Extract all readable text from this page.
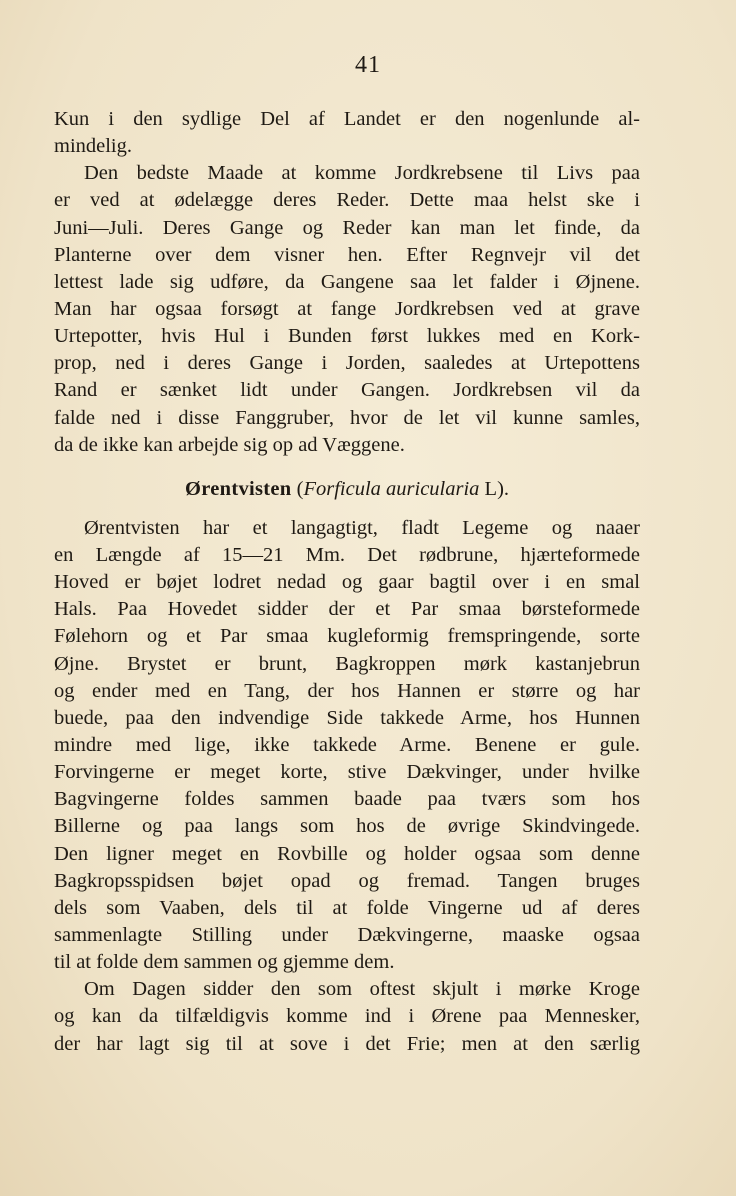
41
Kun i den sydlige Del af Landet er den nogenlunde al-
mindelig.
Den bedste Maade at komme Jordkrebsene til Livs paa
er ved at ødelægge deres Reder. Dette maa helst ske i
Juni—Juli. Deres Gange og Reder kan man let finde, da
Planterne over dem visner hen. Efter Regnvejr vil det
lettest lade sig udføre, da Gangene saa let falder i Øjnene.
Man har ogsaa forsøgt at fange Jordkrebsen ved at grave
Urtepotter, hvis Hul i Bunden først lukkes med en Kork-
prop, ned i deres Gange i Jorden, saaledes at Urtepottens
Rand er sænket lidt under Gangen. Jordkrebsen vil da
falde ned i disse Fanggruber, hvor de let vil kunne samles,
da de ikke kan arbejde sig op ad Væggene.
Ørentvisten (Forficula auricularia L).
Ørentvisten har et langagtigt, fladt Legeme og naaer
en Længde af 15—21 Mm. Det rødbrune, hjærteformede
Hoved er bøjet lodret nedad og gaar bagtil over i en smal
Hals. Paa Hovedet sidder der et Par smaa børsteformede
Følehorn og et Par smaa kugleformig fremspringende, sorte
Øjne. Brystet er brunt, Bagkroppen mørk kastanjebrun
og ender med en Tang, der hos Hannen er større og har
buede, paa den indvendige Side takkede Arme, hos Hunnen
mindre med lige, ikke takkede Arme. Benene er gule.
Forvingerne er meget korte, stive Dækvinger, under hvilke
Bagvingerne foldes sammen baade paa tværs som hos
Billerne og paa langs som hos de øvrige Skindvingede.
Den ligner meget en Rovbille og holder ogsaa som denne
Bagkropsspidsen bøjet opad og fremad. Tangen bruges
dels som Vaaben, dels til at folde Vingerne ud af deres
sammenlagte Stilling under Dækvingerne, maaske ogsaa
til at folde dem sammen og gjemme dem.
Om Dagen sidder den som oftest skjult i mørke Kroge
og kan da tilfældigvis komme ind i Ørene paa Mennesker,
der har lagt sig til at sove i det Frie; men at den særlig
